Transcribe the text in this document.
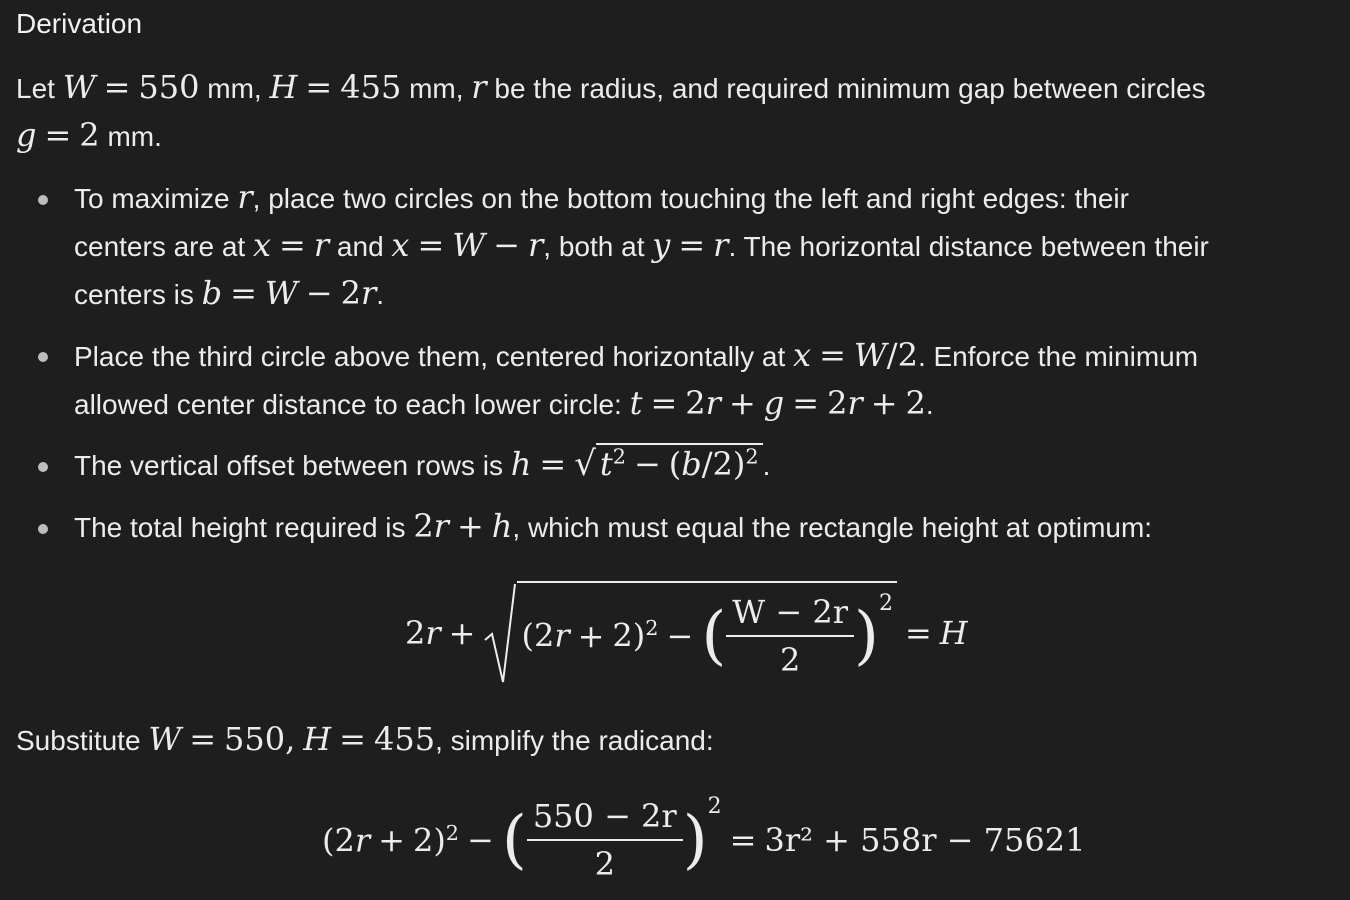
Derivation
Let W = 550 mm, H = 455 mm, r be the radius, and required minimum gap between circles
g = 2 mm.
To maximize r, place two circles on the bottom touching the left and right edges: their
centers are at x = r and x = W − r, both at y = r. The horizontal distance between their
centers is b = W − 2r.
Place the third circle above them, centered horizontally at x = W/2. Enforce the minimum
allowed center distance to each lower circle: t = 2r + g = 2r + 2.
The vertical offset between rows is h = √ $t^2 - (b/2)^2$ .
The total height required is 2r + h, which must equal the rectangle height at optimum:
$2r + (2r + 2)^2$ − ( $\frac{W - 2r}{2} )^2$
= H
Substitute W = 550, H = 455, simplify the radicand:
$(2r + 2)^2$ − ( $\frac{550 - 2r}{2} )^2$
= 3r² + 558r − 75621
